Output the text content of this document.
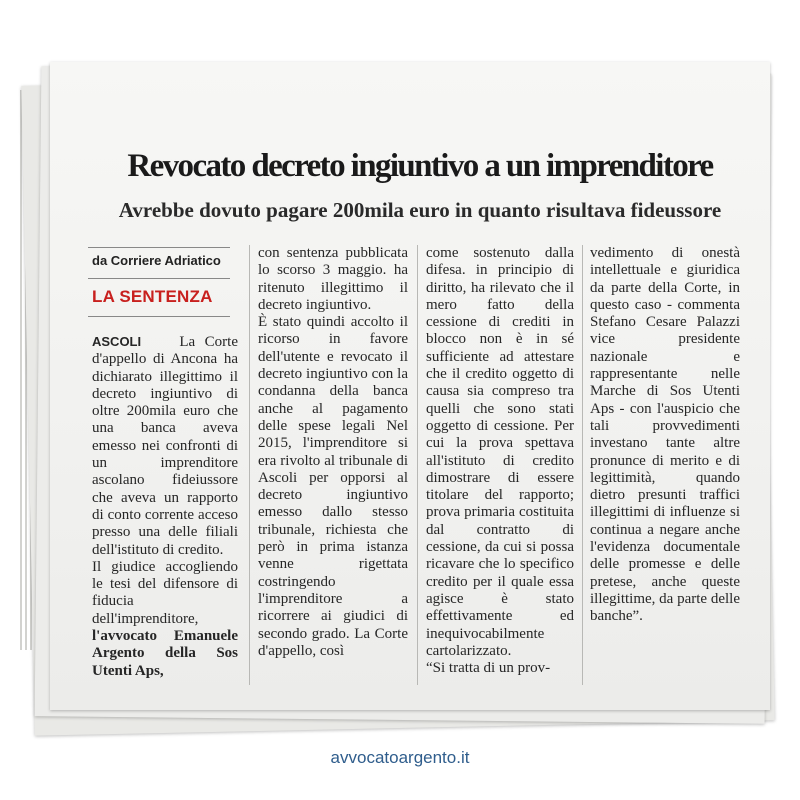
Revocato decreto ingiuntivo a un imprenditore
Avrebbe dovuto pagare 200mila euro in quanto risultava fideussore
da Corriere Adriatico
LA SENTENZA

ASCOLI	La Corte d'appello di Ancona ha dichiarato illegittimo il decreto ingiuntivo di oltre 200mila euro che una banca aveva emesso nei confronti di un imprenditore ascolano fideiussore che aveva un rapporto di conto corrente acceso presso una delle filiali dell'istituto di credito.

Il giudice accogliendo le tesi del difensore di fiducia dell'imprenditore, l'avvocato Emanuele Argento della Sos Utenti Aps,

con sentenza pubblicata lo scorso 3 maggio. ha ritenuto illegittimo il decreto ingiuntivo.

È stato quindi accolto il ricorso in favore dell'utente e revocato il decreto ingiuntivo con la condanna della banca anche al pagamento delle spese legali Nel 2015, l'imprenditore si era rivolto al tribunale di Ascoli per opporsi al decreto ingiuntivo emesso dallo stesso tribunale, richiesta che però in prima istanza venne rigettata costringendo l'imprenditore a ricorrere ai giudici di secondo grado. La Corte d'appello, così

come sostenuto dalla difesa. in principio di diritto, ha rilevato che il mero fatto della cessione di crediti in blocco non è in sé sufficiente ad attestare che il credito oggetto di causa sia compreso tra quelli che sono stati oggetto di cessione. Per cui la prova spettava all'istituto di credito dimostrare di essere titolare del rapporto; prova primaria costituita dal contratto di cessione, da cui si possa ricavare che lo specifico credito per il quale essa agisce è stato effettivamente ed inequivocabilmente cartolarizzato.

“Si tratta di un prov-

vedimento di onestà intellettuale e giuridica da parte della Corte, in questo caso - commenta Stefano Cesare Palazzi vice presidente nazionale e rappresentante nelle Marche di Sos Utenti Aps - con l'auspicio che tali provvedimenti investano tante altre pronunce di merito e di legittimità, quando dietro presunti traffici illegittimi di influenze si continua a negare anche l'evidenza documentale delle promesse e delle pretese, anche queste illegittime, da parte delle banche”.

avvocatoargento.it
